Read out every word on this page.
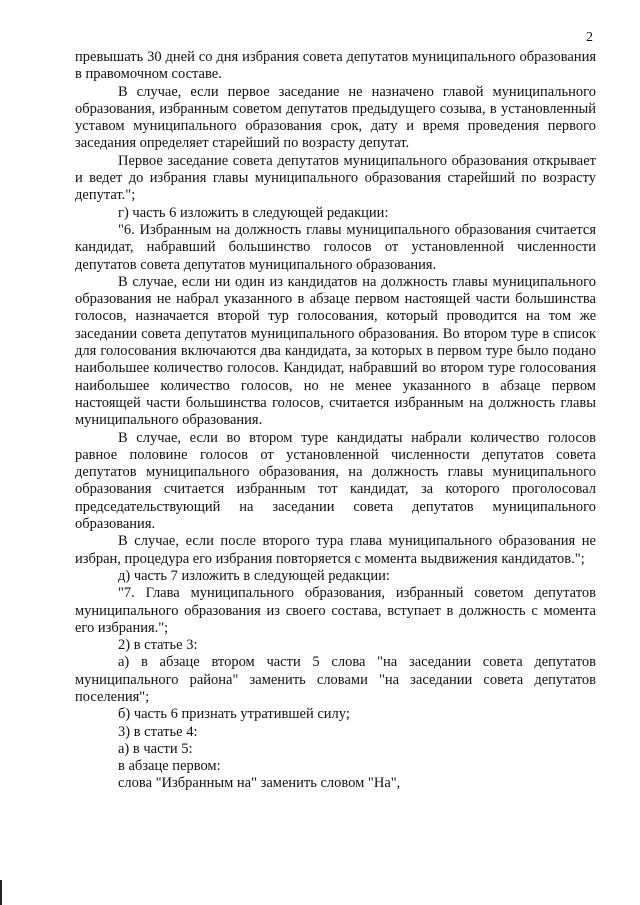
2

превышать 30 дней со дня избрания совета депутатов муниципального образования в правомочном составе.

В случае, если первое заседание не назначено главой муниципального образования, избранным советом депутатов предыдущего созыва, в установленный уставом муниципального образования срок, дату и время проведения первого заседания определяет старейший по возрасту депутат.

Первое заседание совета депутатов муниципального образования открывает и ведет до избрания главы муниципального образования старейший по возрасту депутат.";

г) часть 6 изложить в следующей редакции:

"6. Избранным на должность главы муниципального образования считается кандидат, набравший большинство голосов от установленной численности депутатов совета депутатов муниципального образования.

В случае, если ни один из кандидатов на должность главы муниципального образования не набрал указанного в абзаце первом настоящей части большинства голосов, назначается второй тур голосования, который проводится на том же заседании совета депутатов муниципального образования. Во втором туре в список для голосования включаются два кандидата, за которых в первом туре было подано наибольшее количество голосов. Кандидат, набравший во втором туре голосования наибольшее количество голосов, но не менее указанного в абзаце первом настоящей части большинства голосов, считается избранным на должность главы муниципального образования.

В случае, если во втором туре кандидаты набрали количество голосов равное половине голосов от установленной численности депутатов совета депутатов муниципального образования, на должность главы муниципального образования считается избранным тот кандидат, за которого проголосовал председательствующий на заседании совета депутатов муниципального образования.

В случае, если после второго тура глава муниципального образования не избран, процедура его избрания повторяется с момента выдвижения кандидатов.";

д) часть 7 изложить в следующей редакции:

"7. Глава муниципального образования, избранный советом депутатов муниципального образования из своего состава, вступает в должность с момента его избрания.";

2) в статье 3:

а) в абзаце втором части 5 слова "на заседании совета депутатов муниципального района" заменить словами "на заседании совета депутатов поселения";

б) часть 6 признать утратившей силу;

3) в статье 4:

а) в части 5:

в абзаце первом:

слова "Избранным на" заменить словом "На",
